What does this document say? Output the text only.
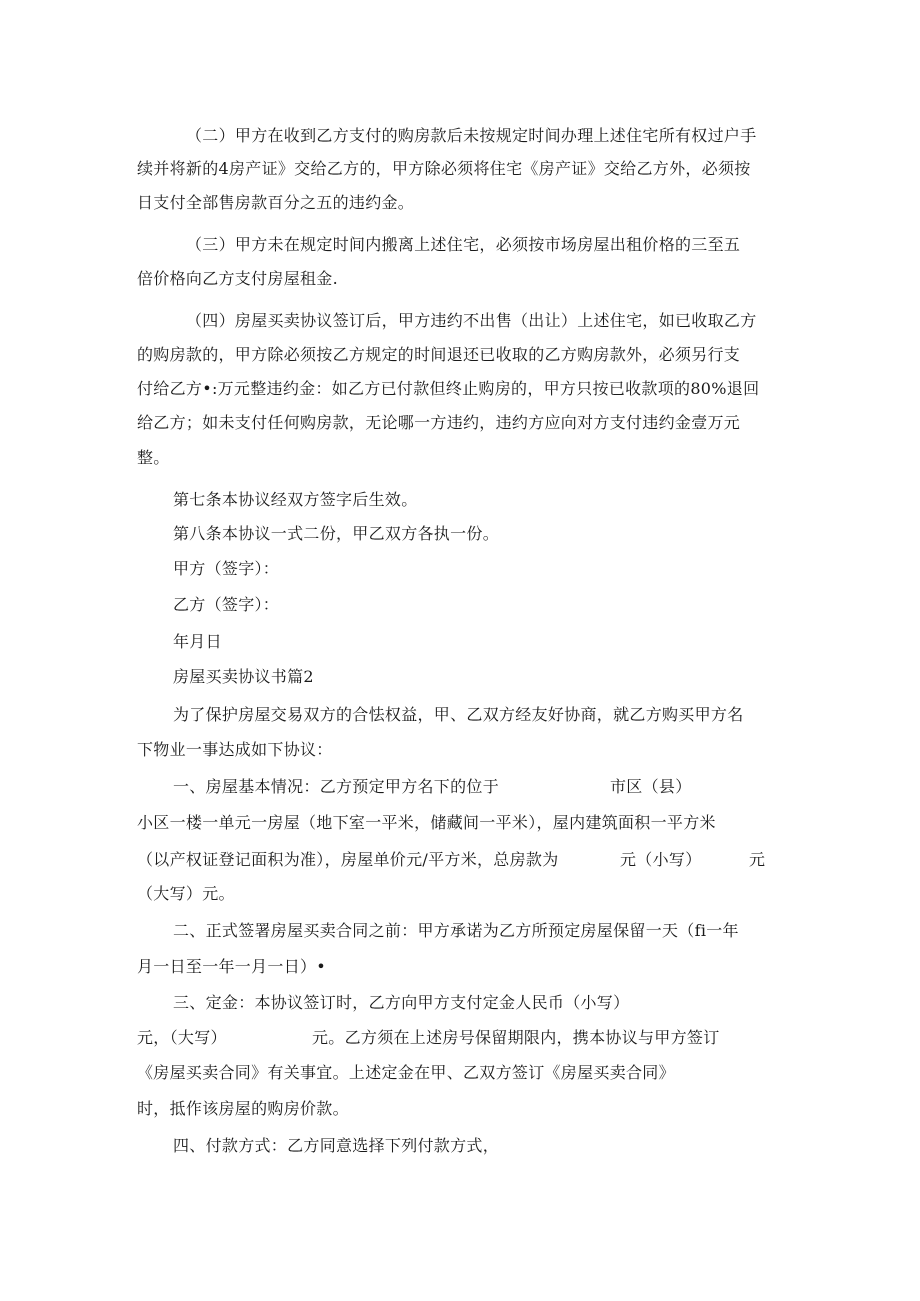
（二）甲方在收到乙方支付的购房款后未按规定时间办理上述住宅所有权过户手
续并将新的4房产证》交给乙方的，甲方除必须将住宅《房产证》交给乙方外，必须按
日支付全部售房款百分之五的违约金。
（三）甲方未在规定时间内搬离上述住宅，必须按市场房屋出租价格的三至五
倍价格向乙方支付房屋租金.
（四）房屋买卖协议签订后，甲方违约不出售（出让）上述住宅，如已收取乙方
的购房款的，甲方除必须按乙方规定的时间退还已收取的乙方购房款外，必须另行支
付给乙方•:万元整违约金：如乙方已付款但终止购房的，甲方只按已收款项的80%退回
给乙方；如未支付任何购房款，无论哪一方违约，违约方应向对方支付违约金壹万元
整。
第七条本协议经双方签字后生效。
第八条本协议一式二份，甲乙双方各执一份。
甲方（签字）：
乙方（签字）：
年月日
房屋买卖协议书篇2
为了保护房屋交易双方的合怯权益，甲、乙双方经友好协商，就乙方购买甲方名
下物业一事达成如下协议：
一、房屋基本情况：乙方预定甲方名下的位于	市区（县）
小区一楼一单元一房屋（地下室一平米，储藏间一平米），屋内建筑面积一平方米
（以产权证登记面积为准），房屋单价元/平方米，总房款为	元（小写）	元
（大写）元。
二、正式签署房屋买卖合同之前：甲方承诺为乙方所预定房屋保留一天（fi一年
月一日至一年一月一日）•
三、定金：本协议签订时，乙方向甲方支付定金人民币（小写）
元，（大写）	元。乙方须在上述房号保留期限内，携本协议与甲方签订
《房屋买卖合同》有关事宜。上述定金在甲、乙双方签订《房屋买卖合同》
时，抵作该房屋的购房价款。
四、付款方式：乙方同意选择下列付款方式，
